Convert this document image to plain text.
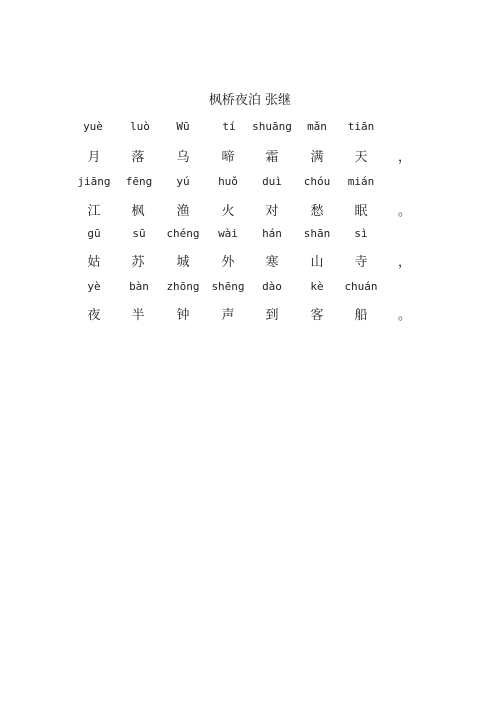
枫桥夜泊 张继
yuè luò Wū	tí shuāng mǎn tiān
月 落 乌 啼 霜 满 天 ，
jiāng fēng yú	huǒ duì chóu mián
江 枫 渔 火 对 愁 眠 。
gū	sū chéng wài hán shān sì
姑 苏 城 外 寒 山 寺 ，
yè	bàn zhōng shēng dào	kè chuán
夜 半 钟 声 到 客 船 。
